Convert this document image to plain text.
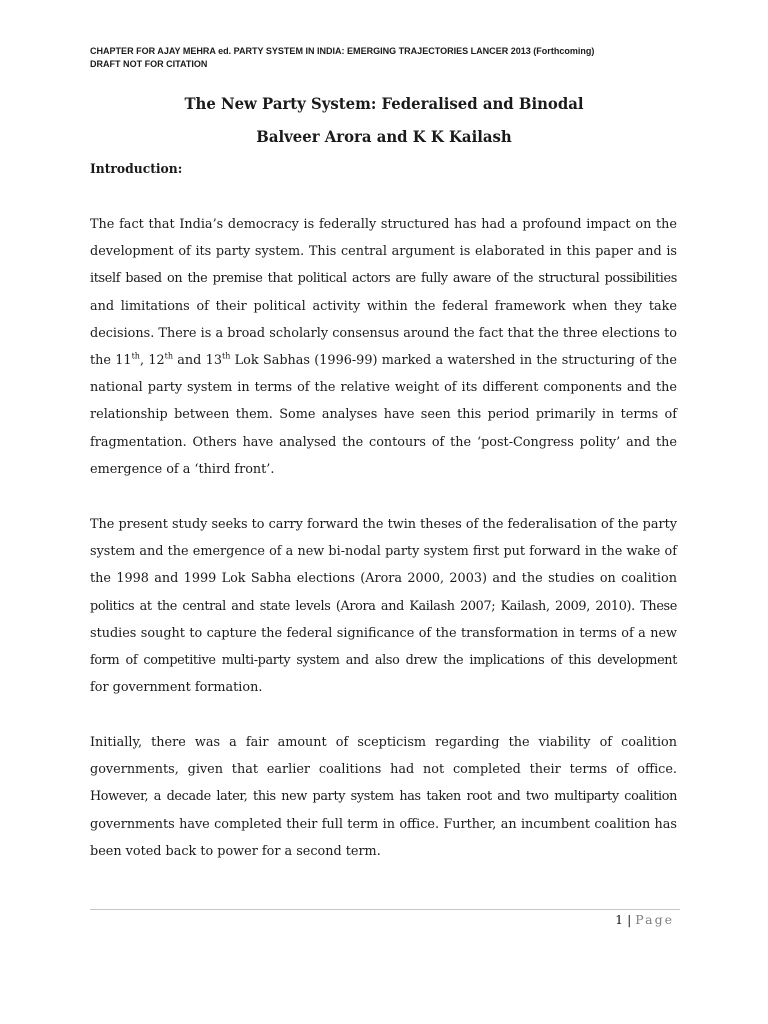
CHAPTER FOR AJAY MEHRA ed. PARTY SYSTEM IN INDIA: EMERGING TRAJECTORIES LANCER 2013 (Forthcoming)
DRAFT NOT FOR CITATION
The New Party System: Federalised and Binodal
Balveer Arora and K K Kailash
Introduction:
The fact that India’s democracy is federally structured has had a profound impact on the
development of its party system. This central argument is elaborated in this paper and is
itself based on the premise that political actors are fully aware of the structural possibilities
and limitations of their political activity within the federal framework when they take
decisions. There is a broad scholarly consensus around the fact that the three elections to
the 11th, 12th and 13th Lok Sabhas (1996-99) marked a watershed in the structuring of the
national party system in terms of the relative weight of its different components and the
relationship between them. Some analyses have seen this period primarily in terms of
fragmentation. Others have analysed the contours of the ‘post-Congress polity’ and the
emergence of a ‘third front’.
The present study seeks to carry forward the twin theses of the federalisation of the party
system and the emergence of a new bi-nodal party system first put forward in the wake of
the 1998 and 1999 Lok Sabha elections (Arora 2000, 2003) and the studies on coalition
politics at the central and state levels (Arora and Kailash 2007; Kailash, 2009, 2010). These
studies sought to capture the federal significance of the transformation in terms of a new
form of competitive multi-party system and also drew the implications of this development
for government formation.
Initially, there was a fair amount of scepticism regarding the viability of coalition
governments, given that earlier coalitions had not completed their terms of office.
However, a decade later, this new party system has taken root and two multiparty coalition
governments have completed their full term in office. Further, an incumbent coalition has
been voted back to power for a second term.
1 | Page
